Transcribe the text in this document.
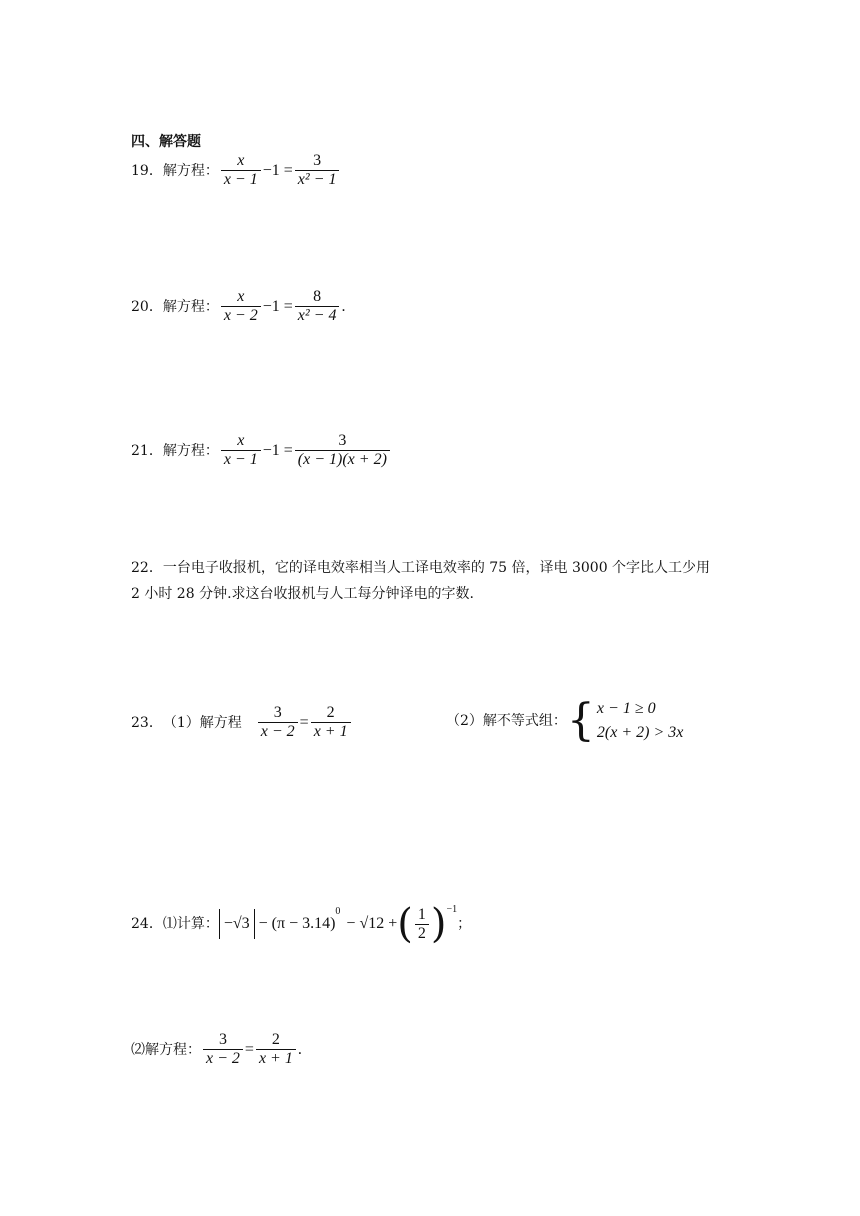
四、解答题
19． 解方程： $\frac{x}{x - 1} -1 = \frac{3}{\text{x² − 1}}$
20． 解方程： $\frac{x}{x - 2} -1 = \frac{8}{\text{x² − 4}}$ .
21． 解方程： $\frac{x}{x - 1} -1 = \frac{3}{(x - 1)(x + 2)}$
22．一台电子收报机，它的译电效率相当人工译电效率的 75 倍，译电 3000 个字比人工少用
2 小时 28 分钟.求这台收报机与人工每分钟译电的字数.
23． （1）解方程 $\frac{3}{x - 2} = \frac{2}{x + 1}$	（2）解不等式组： { x − 1 ≥ 0
2(x + 2) > 3x
24． ⑴计算： −√3 − (π − 3.14)
0
− √12 + ( $\frac{1}{2}$ ) −1
；
⑵解方程： $\frac{3}{x - 2} = \frac{2}{x + 1}$ .
